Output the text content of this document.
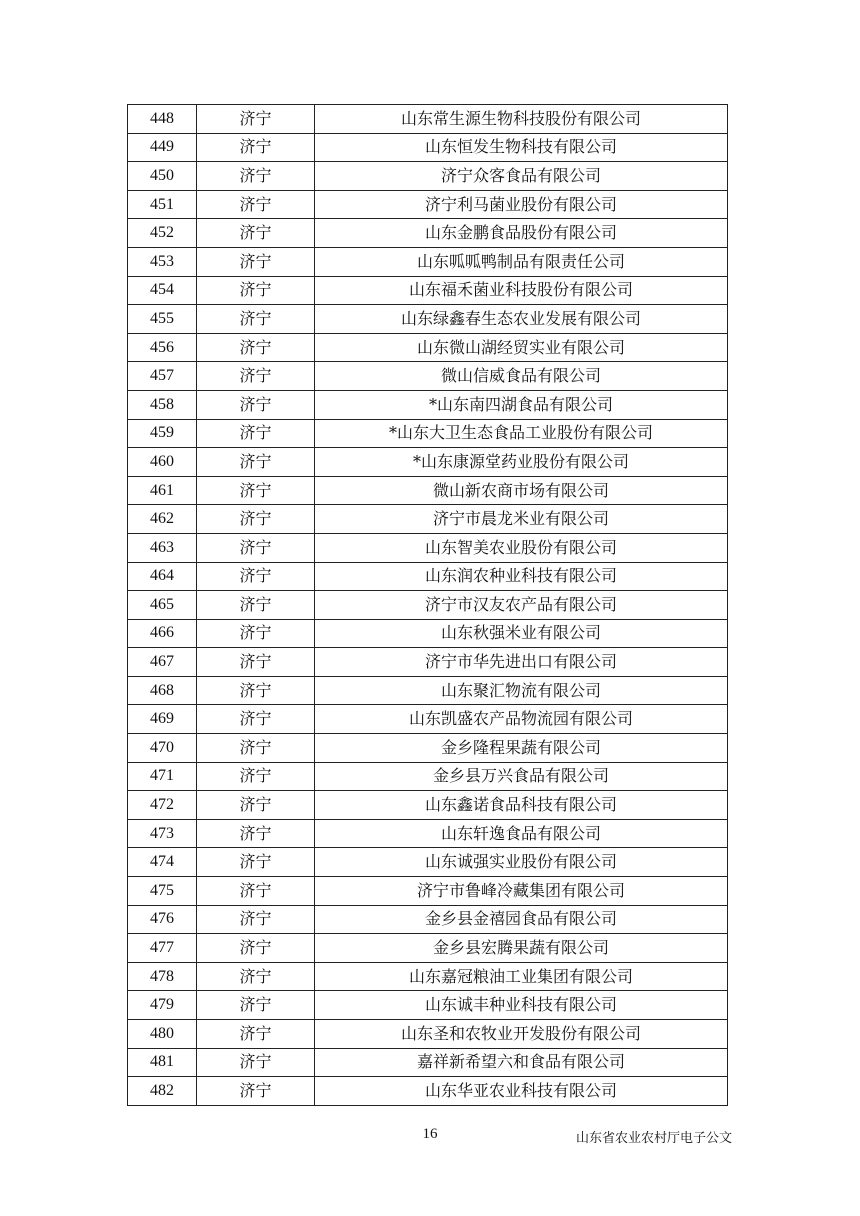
448	济宁	山东常生源生物科技股份有限公司
449	济宁	山东恒发生物科技有限公司
450	济宁	济宁众客食品有限公司
451	济宁	济宁利马菌业股份有限公司
452	济宁	山东金鹏食品股份有限公司
453	济宁	山东呱呱鸭制品有限责任公司
454	济宁	山东福禾菌业科技股份有限公司
455	济宁	山东绿鑫春生态农业发展有限公司
456	济宁	山东微山湖经贸实业有限公司
457	济宁	微山信威食品有限公司
458	济宁	*山东南四湖食品有限公司
459	济宁	*山东大卫生态食品工业股份有限公司
460	济宁	*山东康源堂药业股份有限公司
461	济宁	微山新农商市场有限公司
462	济宁	济宁市晨龙米业有限公司
463	济宁	山东智美农业股份有限公司
464	济宁	山东润农种业科技有限公司
465	济宁	济宁市汉友农产品有限公司
466	济宁	山东秋强米业有限公司
467	济宁	济宁市华先进出口有限公司
468	济宁	山东聚汇物流有限公司
469	济宁	山东凯盛农产品物流园有限公司
470	济宁	金乡隆程果蔬有限公司
471	济宁	金乡县万兴食品有限公司
472	济宁	山东鑫诺食品科技有限公司
473	济宁	山东轩逸食品有限公司
474	济宁	山东诚强实业股份有限公司
475	济宁	济宁市鲁峰冷藏集团有限公司
476	济宁	金乡县金禧园食品有限公司
477	济宁	金乡县宏腾果蔬有限公司
478	济宁	山东嘉冠粮油工业集团有限公司
479	济宁	山东诚丰种业科技有限公司
480	济宁	山东圣和农牧业开发股份有限公司
481	济宁	嘉祥新希望六和食品有限公司
482	济宁	山东华亚农业科技有限公司
16	山东省农业农村厅电子公文
